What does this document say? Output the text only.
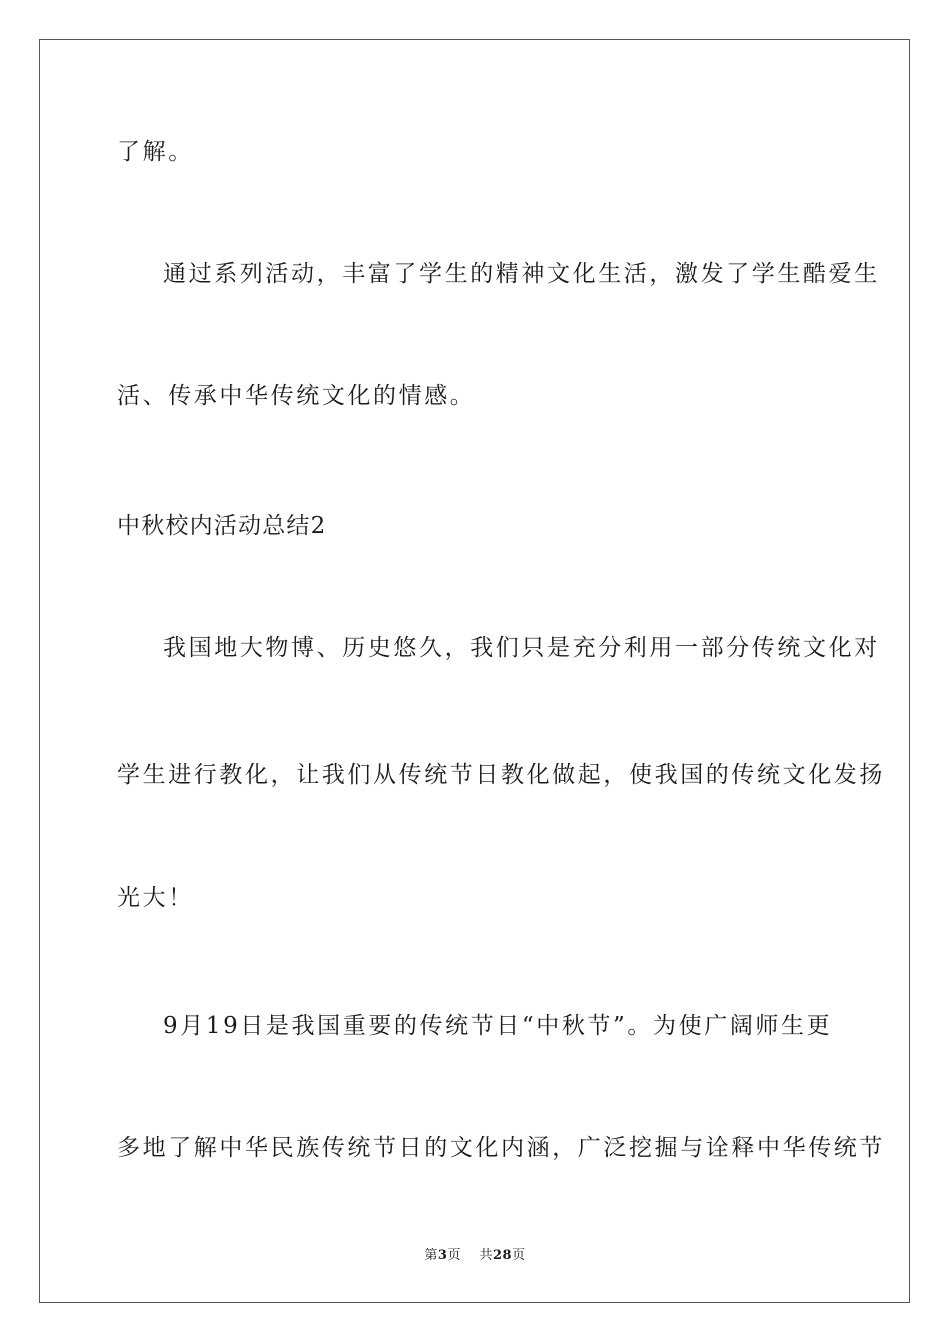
了解。
通过系列活动，丰富了学生的精神文化生活，激发了学生酷爱生
活、传承中华传统文化的情感。
中秋校内活动总结2
我国地大物博、历史悠久，我们只是充分利用一部分传统文化对
学生进行教化，让我们从传统节日教化做起，使我国的传统文化发扬
光大！
9月19日是我国重要的传统节日“中秋节”。为使广阔师生更
多地了解中华民族传统节日的文化内涵，广泛挖掘与诠释中华传统节
第3页 共28页
